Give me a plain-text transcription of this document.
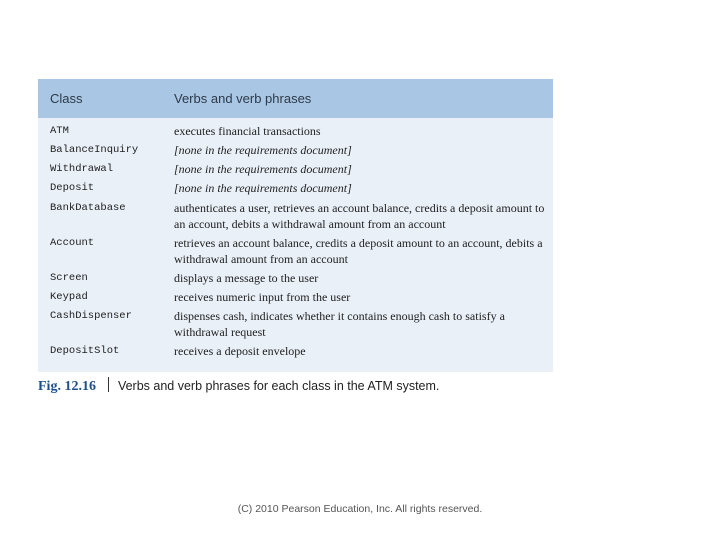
Class	Verbs and verb phrases
ATM	executes financial transactions
BalanceInquiry	[none in the requirements document]
Withdrawal	[none in the requirements document]
Deposit	[none in the requirements document]
BankDatabase	authenticates a user, retrieves an account balance, credits a deposit amount to an account, debits a withdrawal amount from an account
Account	retrieves an account balance, credits a deposit amount to an account, debits a withdrawal amount from an account
Screen	displays a message to the user
Keypad	receives numeric input from the user
CashDispenser	dispenses cash, indicates whether it contains enough cash to satisfy a withdrawal request
DepositSlot	receives a deposit envelope
Fig. 12.16 Verbs and verb phrases for each class in the ATM system.
(C) 2010 Pearson Education, Inc. All rights reserved.
